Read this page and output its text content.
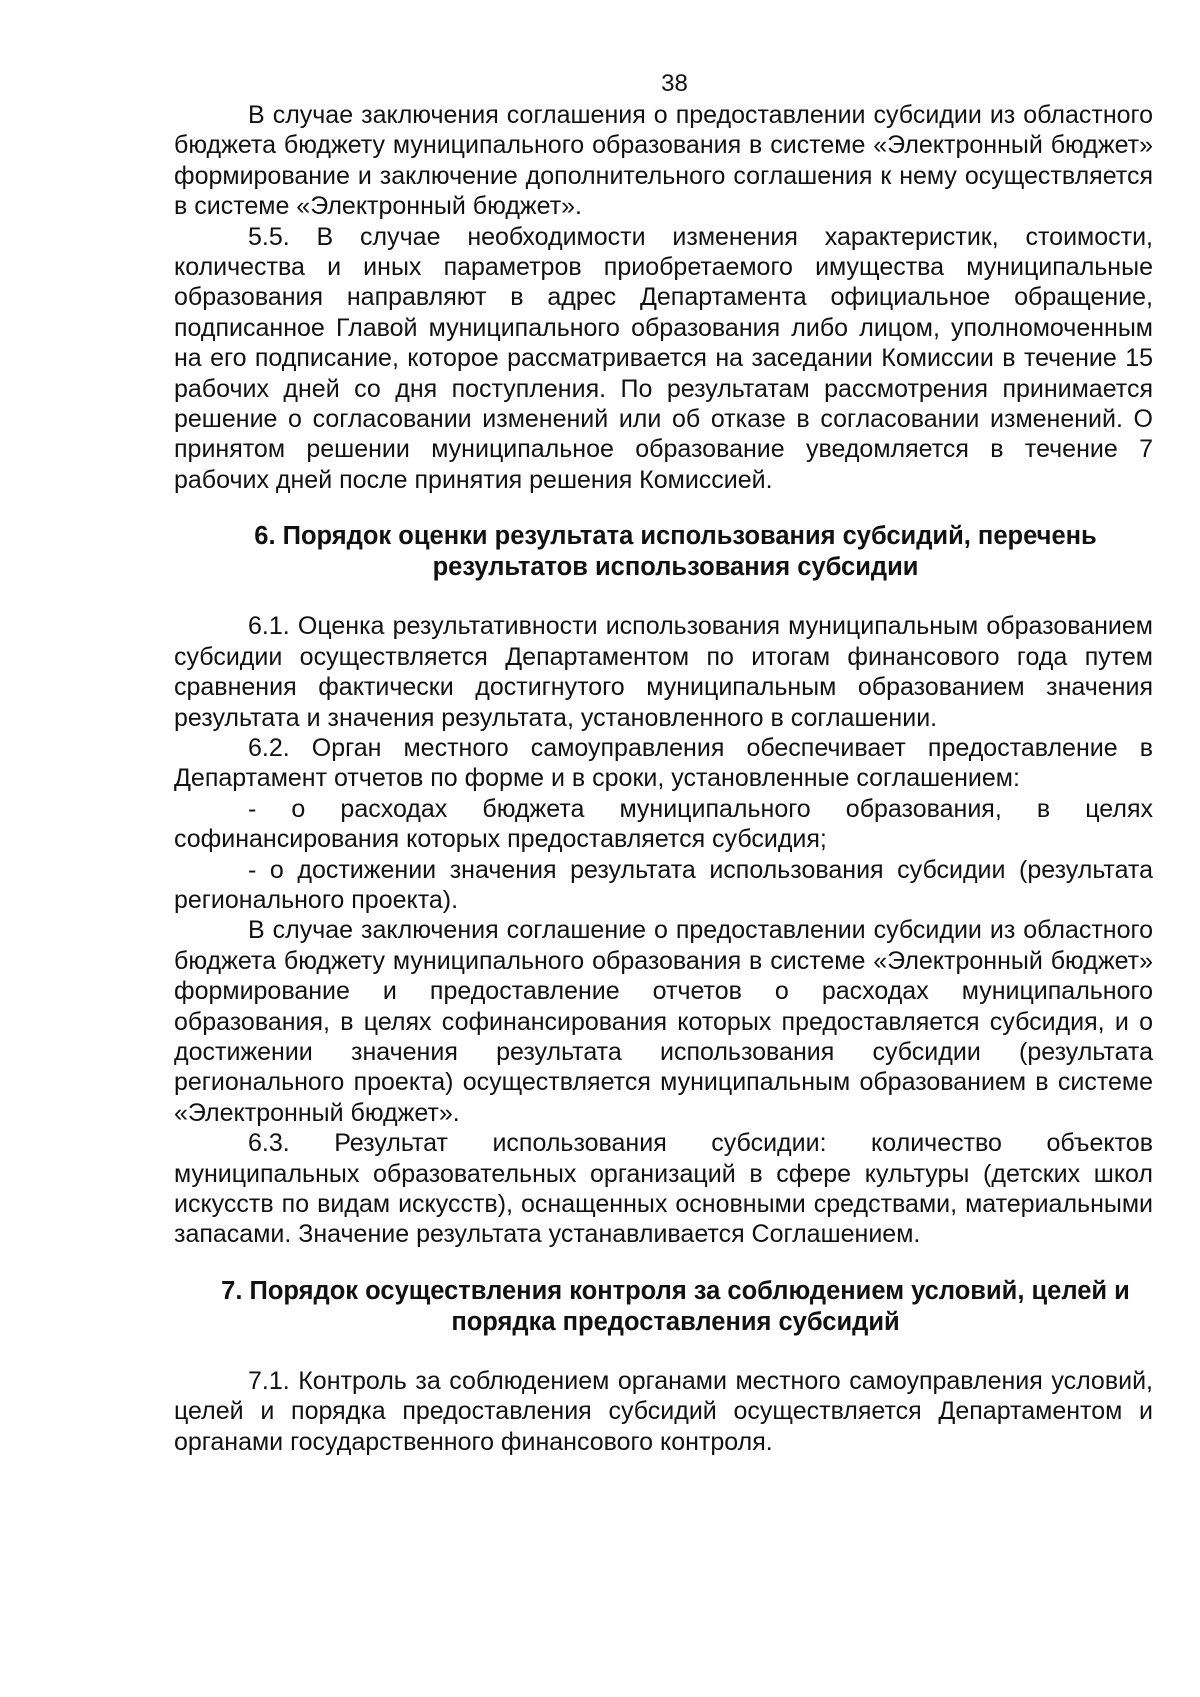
38

В случае заключения соглашения о предоставлении субсидии из областного бюджета бюджету муниципального образования в системе «Электронный бюджет» формирование и заключение дополнительного соглашения к нему осуществляется в системе «Электронный бюджет».

5.5. В случае необходимости изменения характеристик, стоимости, количества и иных параметров приобретаемого имущества муниципальные образования направляют в адрес Департамента официальное обращение, подписанное Главой муниципального образования либо лицом, уполномоченным на его подписание, которое рассматривается на заседании Комиссии в течение 15 рабочих дней со дня поступления. По результатам рассмотрения принимается решение о согласовании изменений или об отказе в согласовании изменений. О принятом решении муниципальное образование уведомляется в течение 7 рабочих дней после принятия решения Комиссией.

6. Порядок оценки результата использования субсидий, перечень результатов использования субсидии

6.1. Оценка результативности использования муниципальным образованием субсидии осуществляется Департаментом по итогам финансового года путем сравнения фактически достигнутого муниципальным образованием значения результата и значения результата, установленного в соглашении.

6.2. Орган местного самоуправления обеспечивает предоставление в Департамент отчетов по форме и в сроки, установленные соглашением:

- о расходах бюджета муниципального образования, в целях софинансирования которых предоставляется субсидия;

- о достижении значения результата использования субсидии (результата регионального проекта).

В случае заключения соглашение о предоставлении субсидии из областного бюджета бюджету муниципального образования в системе «Электронный бюджет» формирование и предоставление отчетов о расходах муниципального образования, в целях софинансирования которых предоставляется субсидия, и о достижении значения результата использования субсидии (результата регионального проекта) осуществляется муниципальным образованием в системе «Электронный бюджет».

6.3. Результат использования субсидии: количество объектов муниципальных образовательных организаций в сфере культуры (детских школ искусств по видам искусств), оснащенных основными средствами, материальными запасами. Значение результата устанавливается Соглашением.

7. Порядок осуществления контроля за соблюдением условий, целей и порядка предоставления субсидий

7.1. Контроль за соблюдением органами местного самоуправления условий, целей и порядка предоставления субсидий осуществляется Департаментом и органами государственного финансового контроля.
